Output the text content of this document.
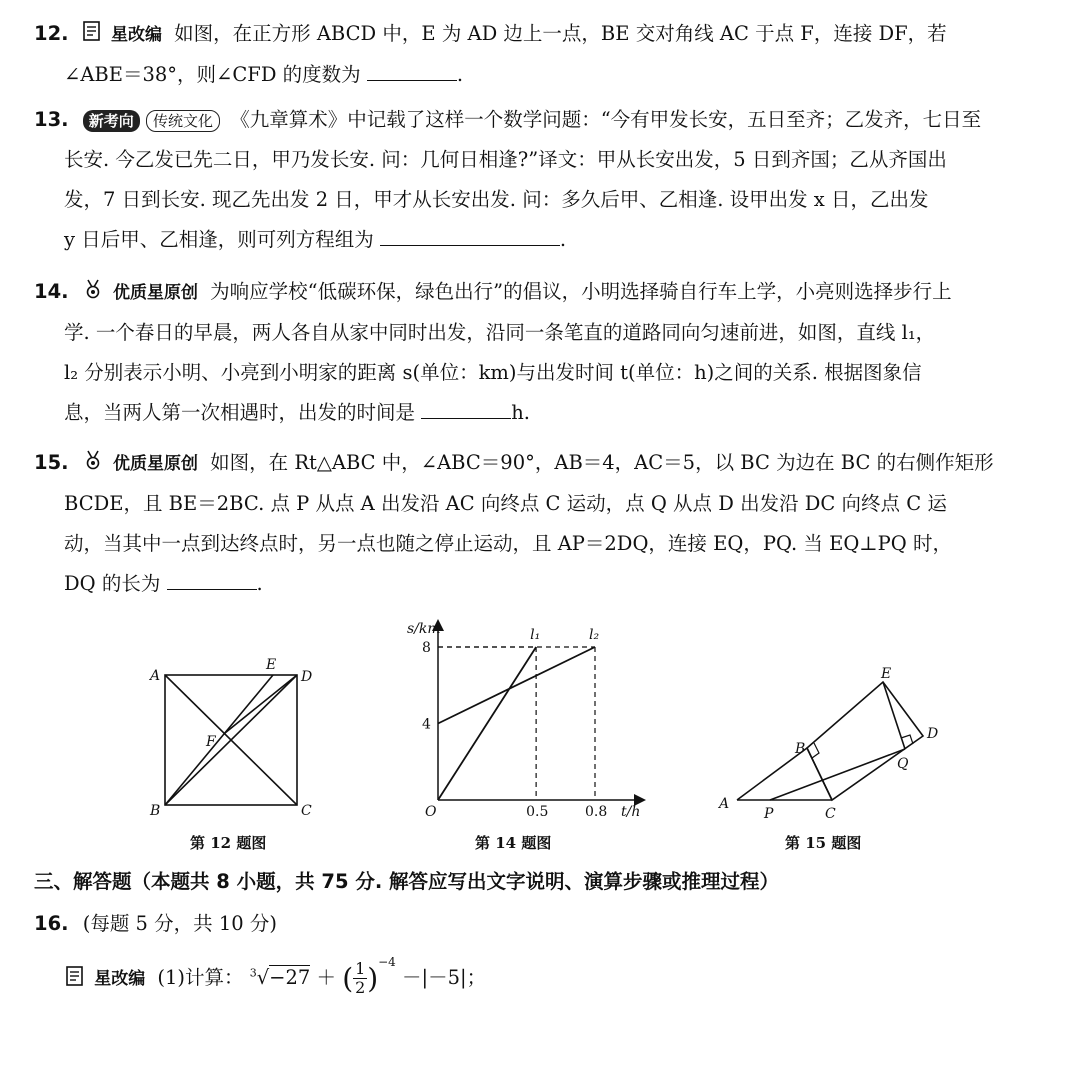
12. 星改编 如图，在正方形 ABCD 中，E 为 AD 边上一点，BE 交对角线 AC 于点 F，连接 DF，若
∠ABE＝38°，则∠CFD 的度数为	.
13. 新考向 传统文化 《九章算术》中记载了这样一个数学问题：“今有甲发长安，五日至齐；乙发齐，七日至
长安. 今乙发已先二日，甲乃发长安. 问：几何日相逢?”译文：甲从长安出发，5 日到齐国；乙从齐国出
发，7 日到长安. 现乙先出发 2 日，甲才从长安出发. 问：多久后甲、乙相逢. 设甲出发 x 日，乙出发
y 日后甲、乙相逢，则可列方程组为	.
14.	优质星原创 为响应学校“低碳环保，绿色出行”的倡议，小明选择骑自行车上学，小亮则选择步行上
学. 一个春日的早晨，两人各自从家中同时出发，沿同一条笔直的道路同向匀速前进，如图，直线 l₁，
l₂ 分别表示小明、小亮到小明家的距离 s(单位：km)与出发时间 t(单位：h)之间的关系. 根据图象信
息，当两人第一次相遇时，出发的时间是	h.
15.	优质星原创 如图，在 Rt△ABC 中，∠ABC＝90°，AB＝4，AC＝5，以 BC 为边在 BC 的右侧作矩形
BCDE，且 BE＝2BC. 点 P 从点 A 出发沿 AC 向终点 C 运动，点 Q 从点 D 出发沿 DC 向终点 C 运
动，当其中一点到达终点时，另一点也随之停止运动，且 AP＝2DQ，连接 EQ，PQ. 当 EQ⊥PQ 时，
DQ 的长为	.
A
B	C
D
E
F
第 12 题图
l₁	l₂
4
8
0.5	0.8
s/km
t/h
O
第 14 题图
A
B
C
D
E
P
Q
第 15 题图
三、解答题（本题共 8 小题，共 75 分. 解答应写出文字说明、演算步骤或推理过程）
16. (每题 5 分，共 10 分)
星改编 (1)计算： $^3$√−27 ＋ ( $\frac{1}{2} )^{-4} -|-5|$；
